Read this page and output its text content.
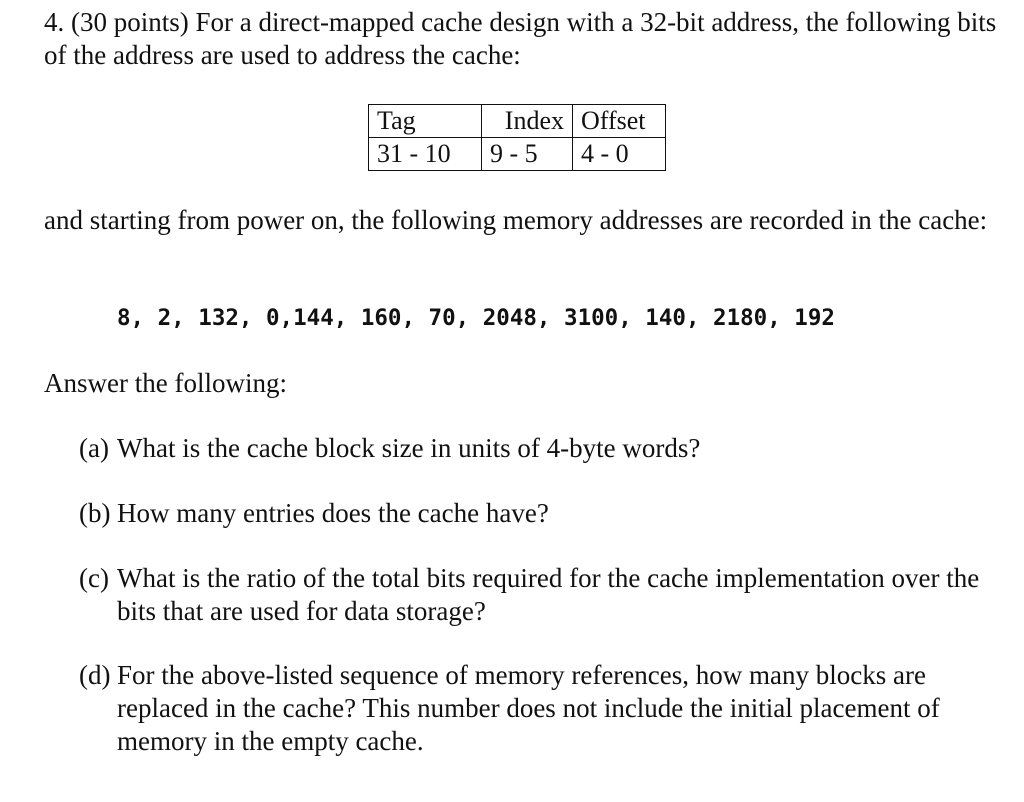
4. (30 points) For a direct-mapped cache design with a 32-bit address, the following bits of the address are used to address the cache:
Tag	Index	Offset
31 - 10	9 - 5	4 - 0
and starting from power on, the following memory addresses are recorded in the cache:
8, 2, 132, 0,144, 160, 70, 2048, 3100, 140, 2180, 192
Answer the following:
(a) What is the cache block size in units of 4-byte words?
(b) How many entries does the cache have?
(c) What is the ratio of the total bits required for the cache implementation over the bits that are used for data storage?
(d) For the above-listed sequence of memory references, how many blocks are replaced in the cache? This number does not include the initial placement of memory in the empty cache.
